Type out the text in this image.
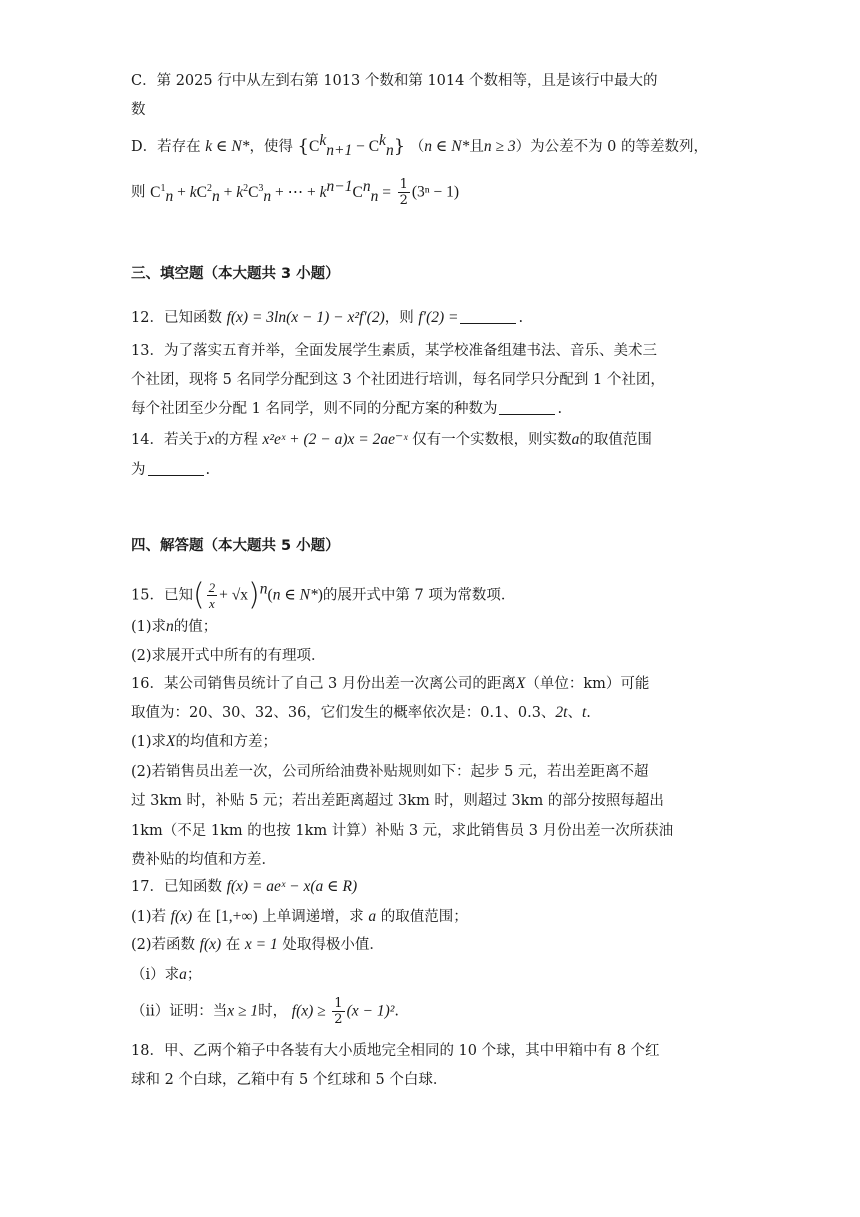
C．第 2025 行中从左到右第 1013 个数和第 1014 个数相等，且是该行中最大的
数
D．若存在 k ∈ N*，使得 $\{C^k_{n+1} - C^k_n\}$ （n ∈ N*且n ≥ 3）为公差不为 0 的等差数列，
则 $C^1_n + kC^2_n + k^2C^3_n$ + ⋯ + $k^{n-1}C^n_n = \frac{1}{2} (3^n - 1)$
三、填空题（本大题共 3 小题）
12．已知函数 f(x) = 3ln(x − 1) − x²f′(2)，则 f′(2) =	.
13．为了落实五育并举，全面发展学生素质，某学校准备组建书法、音乐、美术三
个社团，现将 5 名同学分配到这 3 个社团进行培训，每名同学只分配到 1 个社团，
每个社团至少分配 1 名同学，则不同的分配方案的种数为	.
14．若关于x的方程 x²eˣ + (2 − a)x = 2ae⁻ˣ 仅有一个实数根，则实数a的取值范围
为	.
四、解答题（本大题共 5 小题）
15．已知( $\frac{2}{x} + √x)^n(n$ ∈ N*)的展开式中第 7 项为常数项．
(1)求n的值；
(2)求展开式中所有的有理项．
16．某公司销售员统计了自己 3 月份出差一次离公司的距离X（单位：km）可能
取值为：20、30、32、36，它们发生的概率依次是：0.1、0.3、2t、t.
(1)求X的均值和方差；
(2)若销售员出差一次，公司所给油费补贴规则如下：起步 5 元，若出差距离不超
过 3km 时，补贴 5 元；若出差距离超过 3km 时，则超过 3km 的部分按照每超出
1km（不足 1km 的也按 1km 计算）补贴 3 元，求此销售员 3 月份出差一次所获油
费补贴的均值和方差．
17．已知函数 f(x) = aeˣ − x(a ∈ R)
(1)若 f(x) 在 [1,+∞) 上单调递增，求 a 的取值范围；
(2)若函数 f(x) 在 x = 1 处取得极小值．
（i）求a；
（ii）证明：当x ≥ 1时， $f(x) \ge \frac{1}{2} (x - 1)^2$.
18．甲、乙两个箱子中各装有大小质地完全相同的 10 个球，其中甲箱中有 8 个红
球和 2 个白球，乙箱中有 5 个红球和 5 个白球．
